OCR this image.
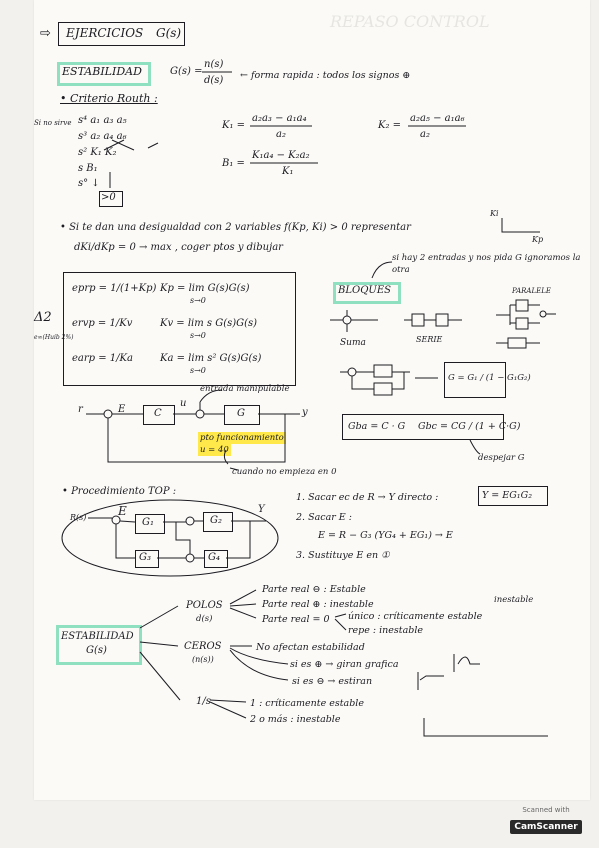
REPASO CONTROL
⇨ EJERCICIOS G(s)
ESTABILIDAD	G(s) =
n(s)
d(s) ← forma rapida : todos los signos ⊕
• Criterio Routh :
Si no sirve s⁴ a₁ a₃ a₅
s³ a₂ a₄ a₆
s² K₁ K₂
s B₁
s° ↓
>0
K₁ =
a₂a₃ − a₁a₄
a₂
K₂ =
a₂a₅ − a₁a₆
a₂
B₁ =
K₁a₄ − K₂a₂
K₁
• Si te dan una desigualdad con 2 variables f(Kp, Ki) > 0 representar
dKi/dKp = 0 → max , coger ptos y dibujar
Ki
Kp
eprp = 1/(1+Kp) Kp = lim G(s)G(s)
s→0
ervp = 1/Kv	Kv = lim s G(s)G(s)
s→0
earp = 1/Ka	Ka = lim s² G(s)G(s)
s→0
Δ2
e∞(Huib 2%)
si hay 2 entradas y nos pida G ignoramos la otra
BLOQUES	PARALELE
Suma	SERIE
G = G₁ / (1 − G₁G₂)
Gba = C · G Gbc = CG / (1 + C·G)
despejar G
entrada manipulable
r	E
u
y
C	G
pto funcionamiento
u = 40
cuando no empieza en 0
• Procedimiento TOP :
R(s)	E	Y
G₁	G₂
G₃	G₄
1. Sacar ec de R → Y directo :	Y = EG₁G₂
2. Sacar E :
E = R − G₃ (YG₄ + EG₁) → E
3. Sustituye E en ①
ESTABILIDAD
G(s)
POLOS
d(s)
Parte real ⊖ : Estable
Parte real ⊕ : inestable
Parte real = 0 único : críticamente estable
repe : inestable
inestable
CEROS
(n(s))
No afectan estabilidad
si es ⊕ → giran grafica
si es ⊖ → estiran
1/s	1 : críticamente estable
2 o más : inestable
Scanned with
CamScanner
